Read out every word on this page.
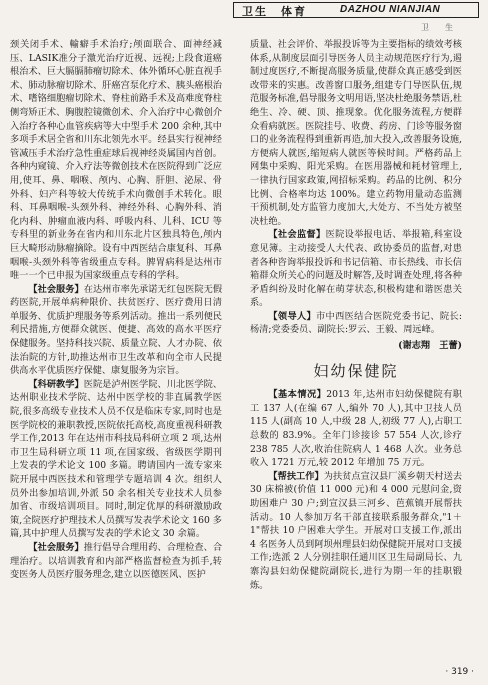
卫生　体育	DAZHOU NIANJIAN
卫　　生

颈关闭手术、輸癖手术治疗;颅面联合、面神经减压、LASIK准分子激光治疗近视、远视;上段食道癌根治术、巨大膈膈肺瘤切除术、体外循环心脏直视手术、肺动脉瘤切除术、肝癌宫泵化疗术、胰头癌根治术、嗜铬细胞瘤切除术、脊柱前路手术及高难度脊柱侧弯矫正术、胸腹腔镜微创术、介入治疗中心微创介入治疗各种心血管疾病等大中型手术 200 余种,其中多项手术居全省和川东北领先水平。经县实行视神经管减压手术治疗急性重症球后视神经炎属国内首创。各种内窥镜、介入疗法等微创技术在医院得到广泛应用,使耳、鼻、咽喉、颅内、心胸、肝胆、泌尿、骨外科、妇产科等较大传统手术向微创手术转化。眼科、耳鼻咽喉-头颈外科、神经外科、心胸外科、消化内科、肿瘤血液内科、呼吸内科、儿科、ICU 等专科里的新业务在省内和川东北片区独具特色,颅内巨大畸形动脉瘤摘除。设有中西医结合康复科、耳鼻咽喉-头颈外科等省级重点专科。脾胃病科是达州市唯一一个已申报为国家级重点专科的学科。

【社会服务】在达州市率先承诺无红包医院无假药医院,开展单病种限价、扶贫医疗、医疗费用日清单服务、优质护理服务等系列活动。推出一系列便民利民措施,方便群众就医、便捷、高效的高水平医疗保健服务。坚持科技兴院、质量立院、人才办院、依法治院的方针,助推达州市卫生改革和向全市人民提供高水平优质医疗保健、康复服务为宗旨。

【科研教学】医院是泸州医学院、川北医学院、达州职业技术学院、达州中医学校的非直属教学医院,很多高级专业技术人员不仅是临床专家,同时也是医学院校的兼职教授,医院依托高校,高度重视科研教学工作,2013 年在达州市科技局科研立项 2 项,达州市卫生局科研立项 11 项,在国家级、省级医学期刊上发表的学术论文 100 多篇。聘请国内一流专家来院开展中西医技术和管理学专题培训 4 次。组织人员外出参加培训,外派 50 余名相关专业技术人员参加省、市级培训项目。同时,制定优厚的科研激励政策,全院医疗护理技术人员撰写发表学术论文 160 多篇,其中护理人员撰写发表的学术论文 30 余篇。

【社会服务】推行倡导合理用药、合理检查、合理治疗。以培训教育和内部严格监督检查为抓手,转变医务人员医疗服务理念,建立以医德医风、医护

质量、社会评价、举报投诉等为主要指标的绩效考核体系,从制度层面引导医务人员主动规范医疗行为,遏制过度医疗,不断提高服务质量,使群众真正感受到医改带来的实惠。改善窗口服务,组建专门导医队伍,规范服务标准,倡导服务文明用语,坚决杜绝服务禁语,杜绝生、冷、硬、顶、推现象。优化服务流程,方便群众看病就医。医院挂号、收费、药房、门诊等服务窗口的业务流程得到重新再造,加大投入,改善服务设施,方便病人就医,缩短病人就医等候时间。严格药品上网集中采购、阳光采购。在医用器械和耗材管理上,一律执行国家政策,网招标采购。药品的比例、积分比例、合格率均达 100%。建立药物用量动态监测干预机制,处方监管力度加大,大处方、不当处方被坚决杜绝。

【社会监督】医院设举报电话、举报箱,科室设意见簿。主动接受人大代表、政协委员的监督,对患者各种咨询举报投诉和书记信箱、市长热线、市长信箱群众所关心的问题及时解答,及时调查处理,将各种矛盾纠纷及时化解在萌芽状态,积极构建和谐医患关系。

【领导人】市中西医结合医院党委书记、院长:杨清;党委委员、副院长:罗云、王毅、周远峰。

(谢志翔　王蕾)
妇幼保健院

【基本情况】2013 年,达州市妇幼保健院有职工 137 人(在编 67 人,编外 70 人),其中卫技人员 115 人(副高 10 人,中级 28 人,初级 77 人),占职工总数的 83.9%。全年门诊接诊 57 554 人次,诊疗 238 785 人次,收治住院病人 1 468 人次。业务总收入 1721 万元,较 2012 年增加 75 万元。

【帮扶工作】为扶贫点宣汉县厂溪乡朝天村送去 30 床棉被(价值 11 000 元)和 4 000 元慰问金,资助困难户 30 户;到宣汉县三河乡、芭蕉镇开展帮扶活动。10 人参加万名干部直接联系服务群众,"1＋1"帮扶 10 户困难大学生。开展对口支援工作,派出 4 名医务人员到阿坝州理县妇幼保健院开展对口支援工作;选派 2 人分别挂职任通川区卫生局副局长、九寨沟县妇幼保健院副院长,进行为期一年的挂职锻炼。

· 319 ·
